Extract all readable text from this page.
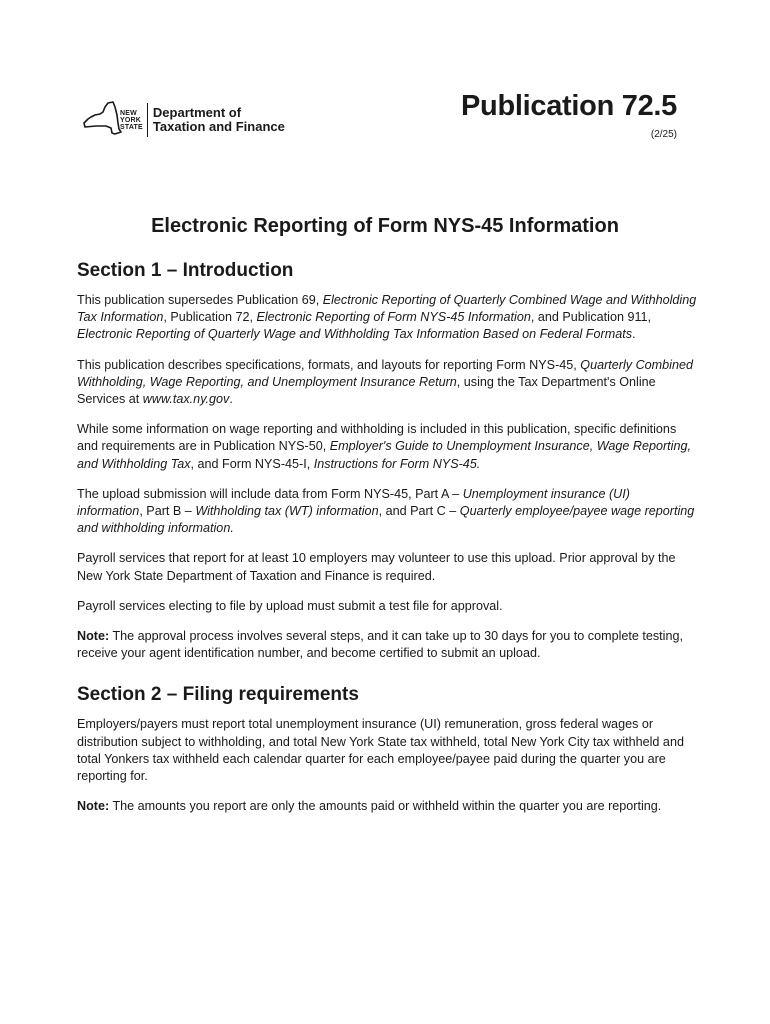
NEW
YORK
STATE
Department of
Taxation and Finance
Publication 72.5
(2/25)
Electronic Reporting of Form NYS-45 Information
Section 1 – Introduction

This publication supersedes Publication 69, Electronic Reporting of Quarterly Combined Wage and Withholding Tax Information, Publication 72, Electronic Reporting of Form NYS-45 Information, and Publication 911, Electronic Reporting of Quarterly Wage and Withholding Tax Information Based on Federal Formats.

This publication describes specifications, formats, and layouts for reporting Form NYS-45, Quarterly Combined Withholding, Wage Reporting, and Unemployment Insurance Return, using the Tax Department's Online Services at www.tax.ny.gov.

While some information on wage reporting and withholding is included in this publication, specific definitions and requirements are in Publication NYS-50, Employer's Guide to Unemployment Insurance, Wage Reporting, and Withholding Tax, and Form NYS-45-I, Instructions for Form NYS-45.

The upload submission will include data from Form NYS-45, Part A – Unemployment insurance (UI) information, Part B – Withholding tax (WT) information, and Part C – Quarterly employee/payee wage reporting and withholding information.

Payroll services that report for at least 10 employers may volunteer to use this upload. Prior approval by the New York State Department of Taxation and Finance is required.

Payroll services electing to file by upload must submit a test file for approval.

Note: The approval process involves several steps, and it can take up to 30 days for you to complete testing, receive your agent identification number, and become certified to submit an upload.

Section 2 – Filing requirements

Employers/payers must report total unemployment insurance (UI) remuneration, gross federal wages or distribution subject to withholding, and total New York State tax withheld, total New York City tax withheld and total Yonkers tax withheld each calendar quarter for each employee/payee paid during the quarter you are reporting for.

Note: The amounts you report are only the amounts paid or withheld within the quarter you are reporting.
